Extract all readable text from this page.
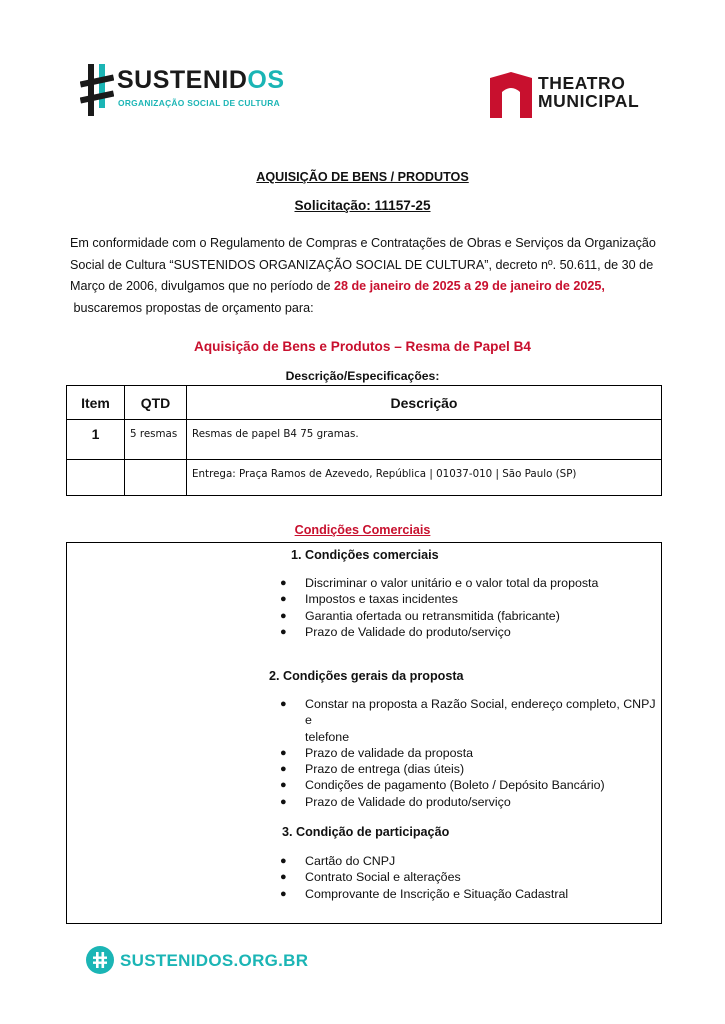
SUSTENIDOS
ORGANIZAÇÃO SOCIAL DE CULTURA
THEATRO
MUNICIPAL
AQUISIÇÃO DE BENS / PRODUTOS
Solicitação: 11157-25
Em conformidade com o Regulamento de Compras e Contratações de Obras e Serviços da Organização
Social de Cultura “SUSTENIDOS ORGANIZAÇÃO SOCIAL DE CULTURA”, decreto nº. 50.611, de 30 de
Março de 2006, divulgamos que no período de 28 de janeiro de 2025 a 29 de janeiro de 2025,
buscaremos propostas de orçamento para:
Aquisição de Bens e Produtos – Resma de Papel B4
Descrição/Especificações:
Item	QTD	Descrição
1	5 resmas	Resmas de papel B4 75 gramas.
		Entrega: Praça Ramos de Azevedo, República | 01037-010 | São Paulo (SP)
Condições Comerciais
1. Condições comerciais
● Discriminar o valor unitário e o valor total da proposta
● Impostos e taxas incidentes
● Garantia ofertada ou retransmitida (fabricante)
● Prazo de Validade do produto/serviço
2. Condições gerais da proposta
● Constar na proposta a Razão Social, endereço completo, CNPJ
e
telefone
● Prazo de validade da proposta
● Prazo de entrega (dias úteis)
● Condições de pagamento (Boleto / Depósito Bancário)
● Prazo de Validade do produto/serviço
3. Condição de participação
● Cartão do CNPJ
● Contrato Social e alterações
● Comprovante de Inscrição e Situação Cadastral
SUSTENIDOS.ORG.BR
